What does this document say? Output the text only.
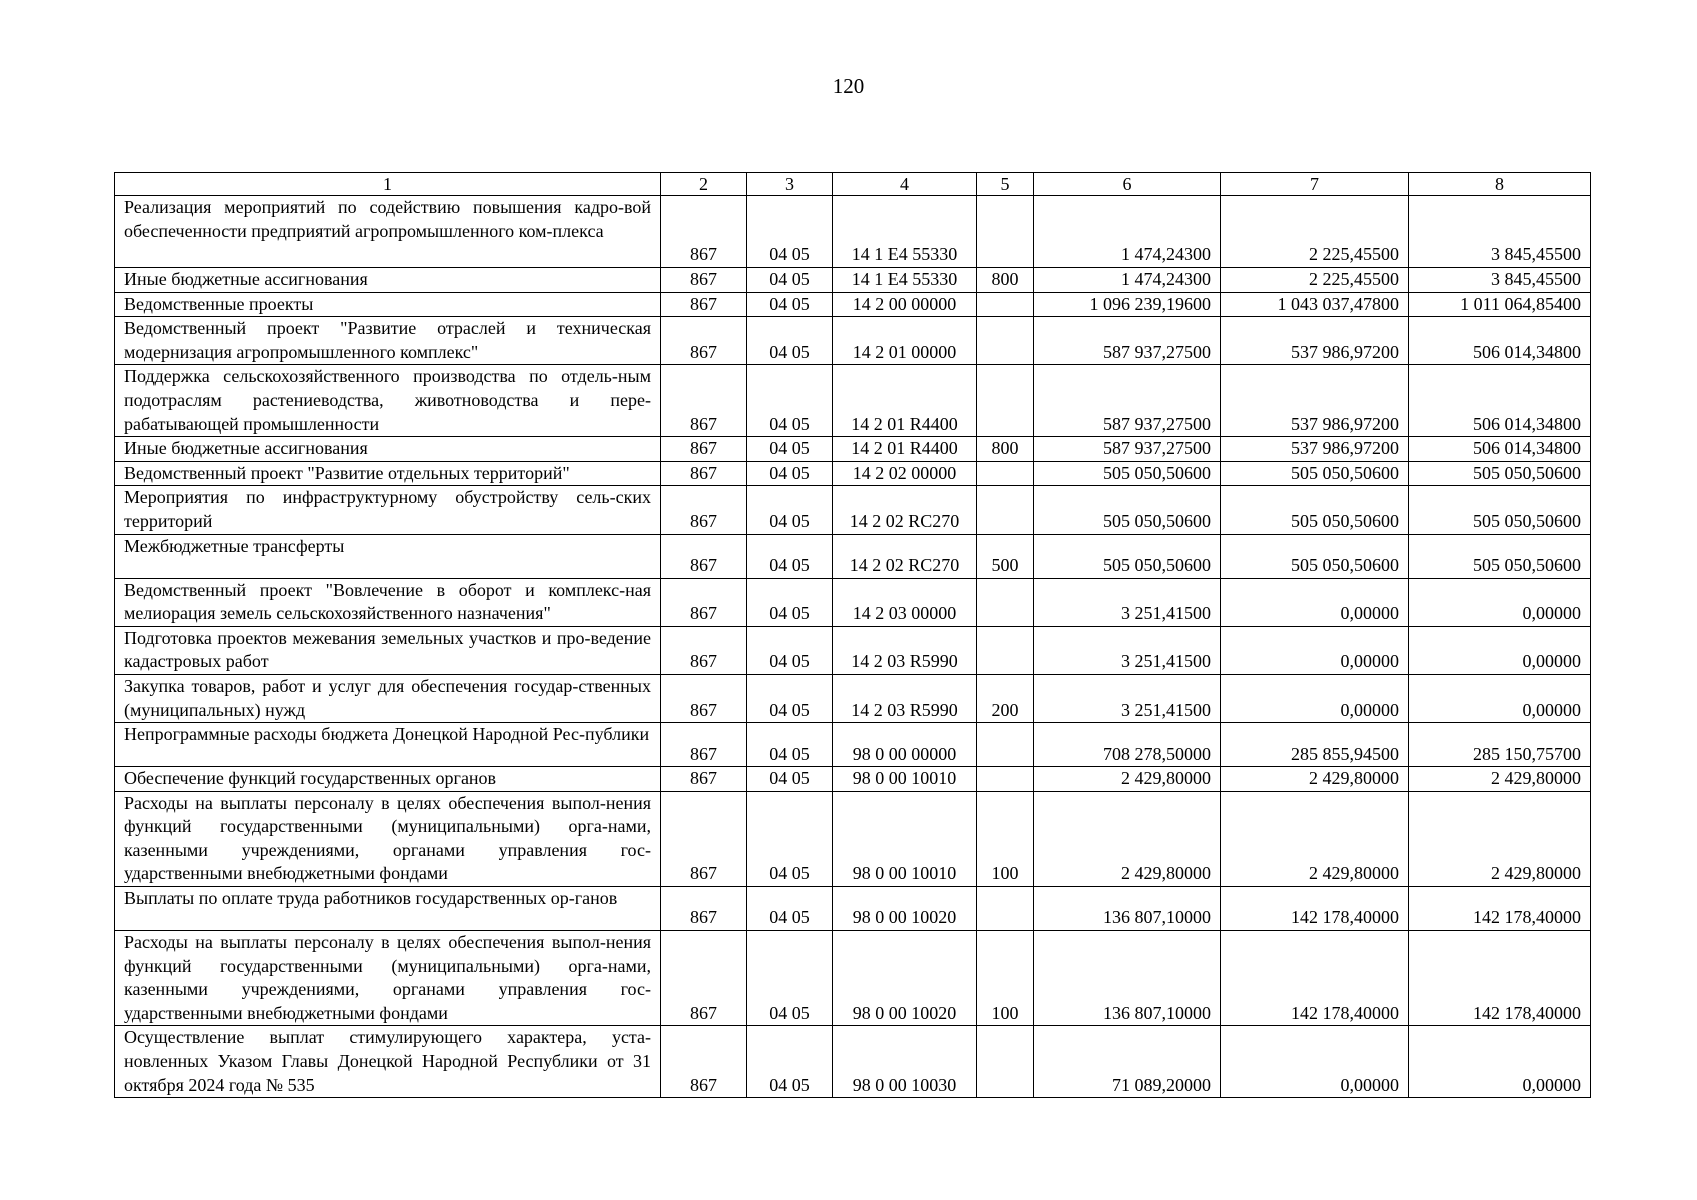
120
1	2	3	4	5	6	7	8
Реализация мероприятий по содействию повышения кадро-вой обеспеченности предприятий агропромышленного ком-плекса	867	04 05	14 1 E4 55330		1 474,24300	2 225,45500	3 845,45500
Иные бюджетные ассигнования	867	04 05	14 1 E4 55330	800	1 474,24300	2 225,45500	3 845,45500
Ведомственные проекты	867	04 05	14 2 00 00000		1 096 239,19600	1 043 037,47800	1 011 064,85400
Ведомственный проект "Развитие отраслей и техническая модернизация агропромышленного комплекс"	867	04 05	14 2 01 00000		587 937,27500	537 986,97200	506 014,34800
Поддержка сельскохозяйственного производства по отдель-ным подотраслям растениеводства, животноводства и пере-рабатывающей промышленности	867	04 05	14 2 01 R4400		587 937,27500	537 986,97200	506 014,34800
Иные бюджетные ассигнования	867	04 05	14 2 01 R4400	800	587 937,27500	537 986,97200	506 014,34800
Ведомственный проект "Развитие отдельных территорий"	867	04 05	14 2 02 00000		505 050,50600	505 050,50600	505 050,50600
Мероприятия по инфраструктурному обустройству сель-ских территорий	867	04 05	14 2 02 RC270		505 050,50600	505 050,50600	505 050,50600
Межбюджетные трансферты	867	04 05	14 2 02 RC270	500	505 050,50600	505 050,50600	505 050,50600
Ведомственный проект "Вовлечение в оборот и комплекс-ная мелиорация земель сельскохозяйственного назначения"	867	04 05	14 2 03 00000		3 251,41500	0,00000	0,00000
Подготовка проектов межевания земельных участков и про-ведение кадастровых работ	867	04 05	14 2 03 R5990		3 251,41500	0,00000	0,00000
Закупка товаров, работ и услуг для обеспечения государ-ственных (муниципальных) нужд	867	04 05	14 2 03 R5990	200	3 251,41500	0,00000	0,00000
Непрограммные расходы бюджета Донецкой Народной Рес-публики	867	04 05	98 0 00 00000		708 278,50000	285 855,94500	285 150,75700
Обеспечение функций государственных органов	867	04 05	98 0 00 10010		2 429,80000	2 429,80000	2 429,80000
Расходы на выплаты персоналу в целях обеспечения выпол-нения функций государственными (муниципальными) орга-нами, казенными учреждениями, органами управления гос-ударственными внебюджетными фондами	867	04 05	98 0 00 10010	100	2 429,80000	2 429,80000	2 429,80000
Выплаты по оплате труда работников государственных ор-ганов	867	04 05	98 0 00 10020		136 807,10000	142 178,40000	142 178,40000
Расходы на выплаты персоналу в целях обеспечения выпол-нения функций государственными (муниципальными) орга-нами, казенными учреждениями, органами управления гос-ударственными внебюджетными фондами	867	04 05	98 0 00 10020	100	136 807,10000	142 178,40000	142 178,40000
Осуществление выплат стимулирующего характера, уста-новленных Указом Главы Донецкой Народной Республики от 31 октября 2024 года № 535	867	04 05	98 0 00 10030		71 089,20000	0,00000	0,00000
